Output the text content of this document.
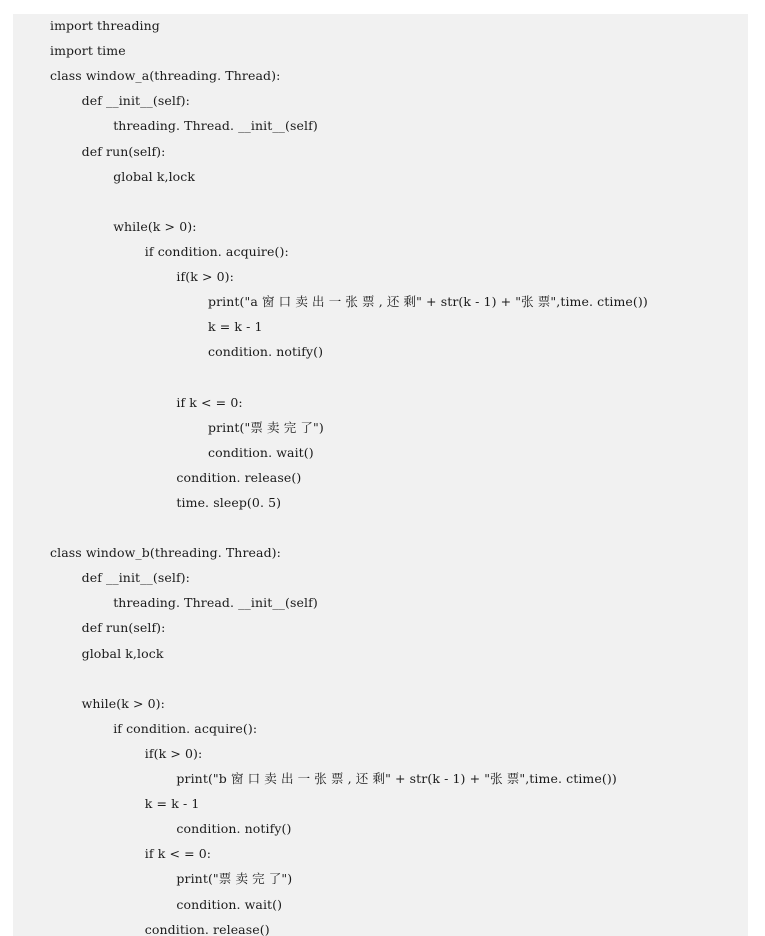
import threading
import time
class window_a(threading. Thread):
def __init__(self):
threading. Thread. __init__(self)
def run(self):
global k,lock
while(k > 0):
if condition. acquire():
if(k > 0):
print("a 窗 口 卖 出 一 张 票 , 还 剩" + str(k - 1) + "张 票",time. ctime())
k = k - 1
condition. notify()
if k < = 0:
print("票 卖 完 了")
condition. wait()
condition. release()
time. sleep(0. 5)
class window_b(threading. Thread):
def __init__(self):
threading. Thread. __init__(self)
def run(self):
global k,lock
while(k > 0):
if condition. acquire():
if(k > 0):
print("b 窗 口 卖 出 一 张 票 , 还 剩" + str(k - 1) + "张 票",time. ctime())
k = k - 1
condition. notify()
if k < = 0:
print("票 卖 完 了")
condition. wait()
condition. release()
